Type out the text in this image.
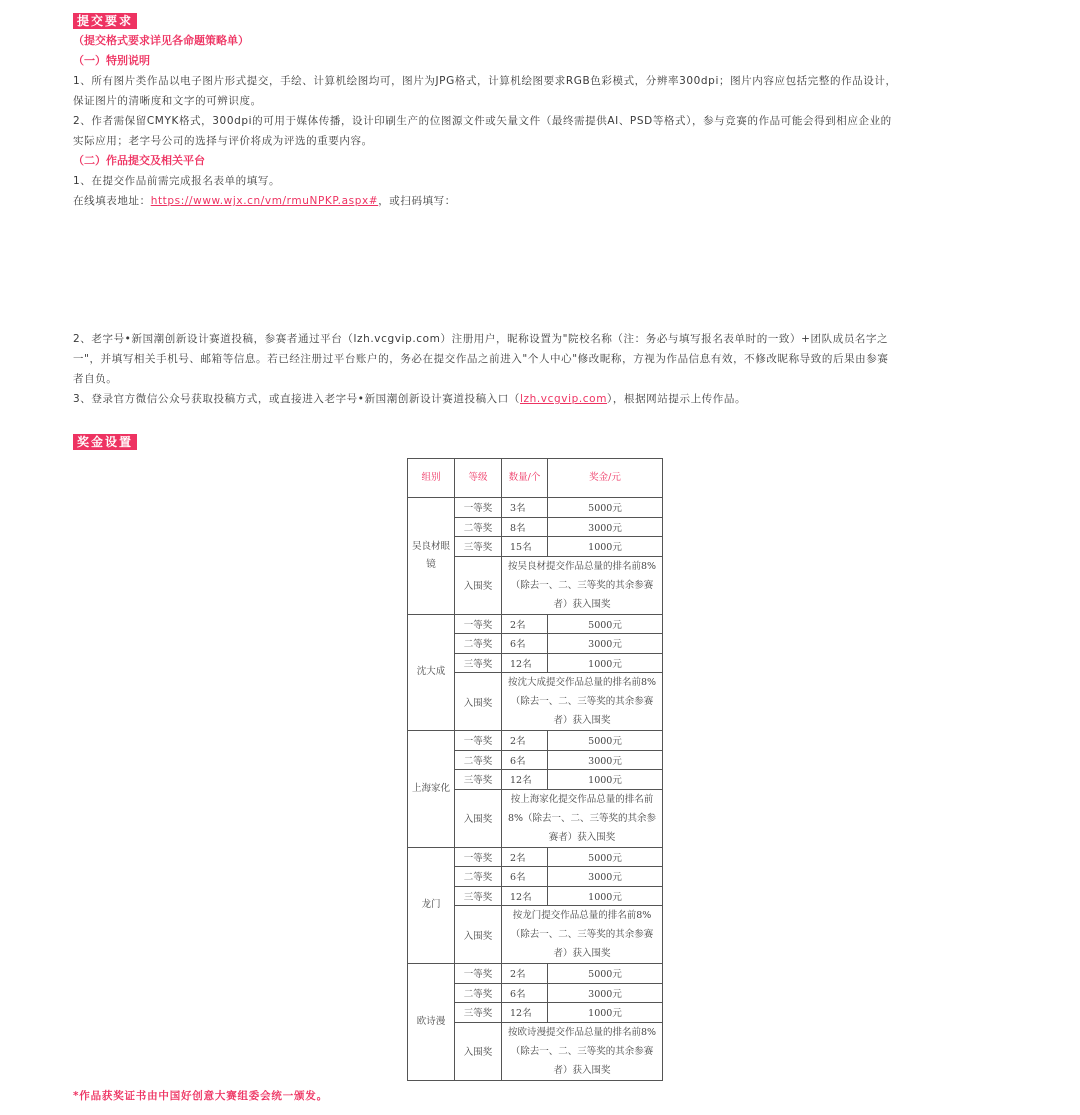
提交要求

（提交格式要求详见各命题策略单）

（一）特别说明

1、所有图片类作品以电子图片形式提交，手绘、计算机绘图均可，图片为JPG格式，计算机绘图要求RGB色彩模式，分辨率300dpi；图片内容应包括完整的作品设计，

保证图片的清晰度和文字的可辨识度。

2、作者需保留CMYK格式，300dpi的可用于媒体传播，设计印刷生产的位图源文件或矢量文件（最终需提供AI、PSD等格式），参与竞赛的作品可能会得到相应企业的

实际应用；老字号公司的选择与评价将成为评选的重要内容。

（二）作品提交及相关平台

1、在提交作品前需完成报名表单的填写。

在线填表地址：https://www.wjx.cn/vm/rmuNPKP.aspx#，或扫码填写：

2、老字号•新国潮创新设计赛道投稿，参赛者通过平台（lzh.vcgvip.com）注册用户，昵称设置为"院校名称（注：务必与填写报名表单时的一致）+团队成员名字之

一"，并填写相关手机号、邮箱等信息。若已经注册过平台账户的，务必在提交作品之前进入"个人中心"修改昵称，方视为作品信息有效，不修改昵称导致的后果由参赛

者自负。

3、登录官方微信公众号获取投稿方式，或直接进入老字号•新国潮创新设计赛道投稿入口（lzh.vcgvip.com），根据网站提示上传作品。

奖金设置
组别	等级	数量/个	奖金/元
吴良材眼镜	一等奖	3名	5000元
	二等奖	8名	3000元
	三等奖	15名	1000元
	入围奖	按吴良材提交作品总量的排名前8%（除去一、二、三等奖的其余参赛者）获入围奖	
沈大成	一等奖	2名	5000元
	二等奖	6名	3000元
	三等奖	12名	1000元
	入围奖	按沈大成提交作品总量的排名前8%（除去一、二、三等奖的其余参赛者）获入围奖	
上海家化	一等奖	2名	5000元
	二等奖	6名	3000元
	三等奖	12名	1000元
	入围奖	按上海家化提交作品总量的排名前8%（除去一、二、三等奖的其余参赛者）获入围奖	
龙门	一等奖	2名	5000元
	二等奖	6名	3000元
	三等奖	12名	1000元
	入围奖	按龙门提交作品总量的排名前8%（除去一、二、三等奖的其余参赛者）获入围奖	
欧诗漫	一等奖	2名	5000元
	二等奖	6名	3000元
	三等奖	12名	1000元
	入围奖	按欧诗漫提交作品总量的排名前8%（除去一、二、三等奖的其余参赛者）获入围奖	
*作品获奖证书由中国好创意大赛组委会统一颁发。
